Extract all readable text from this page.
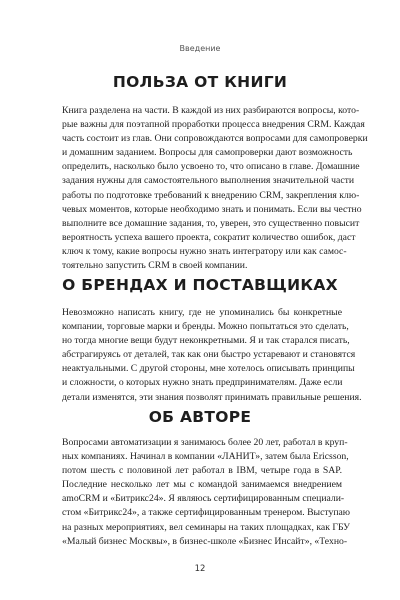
Введение
ПОЛЬЗА ОТ КНИГИ
Книга разделена на части. В каждой из них разбираются вопросы, кото-
рые важны для поэтапной проработки процесса внедрения CRM. Каждая
часть состоит из глав. Они сопровождаются вопросами для самопроверки
и домашним заданием. Вопросы для самопроверки дают возможность
определить, насколько было усвоено то, что описано в главе. Домашние
задания нужны для самостоятельного выполнения значительной части
работы по подготовке требований к внедрению CRM, закрепления клю-
чевых моментов, которые необходимо знать и понимать. Если вы честно
выполните все домашние задания, то, уверен, это существенно повысит
вероятность успеха вашего проекта, сократит количество ошибок, даст
ключ к тому, какие вопросы нужно знать интегратору или как самос-
тоятельно запустить CRM в своей компании.
О БРЕНДАХ И ПОСТАВЩИКАХ
Невозможно написать книгу, где не упоминались бы конкретные
компании, торговые марки и бренды. Можно попытаться это сделать,
но тогда многие вещи будут неконкретными. Я и так старался писать,
абстрагируясь от деталей, так как они быстро устаревают и становятся
неактуальными. С другой стороны, мне хотелось описывать принципы
и сложности, о которых нужно знать предпринимателям. Даже если
детали изменятся, эти знания позволят принимать правильные решения.
ОБ АВТОРЕ
Вопросами автоматизации я занимаюсь более 20 лет, работал в круп-
ных компаниях. Начинал в компании «ЛАНИТ», затем была Ericsson,
потом шесть с половиной лет работал в IBM, четыре года в SAP.
Последние несколько лет мы с командой занимаемся внедрением
amoCRM и «Битрикс24». Я являюсь сертифицированным специали-
стом «Битрикс24», а также сертифицированным тренером. Выступаю
на разных мероприятиях, вел семинары на таких площадках, как ГБУ
«Малый бизнес Москвы», в бизнес-школе «Бизнес Инсайт», «Техно-
12
